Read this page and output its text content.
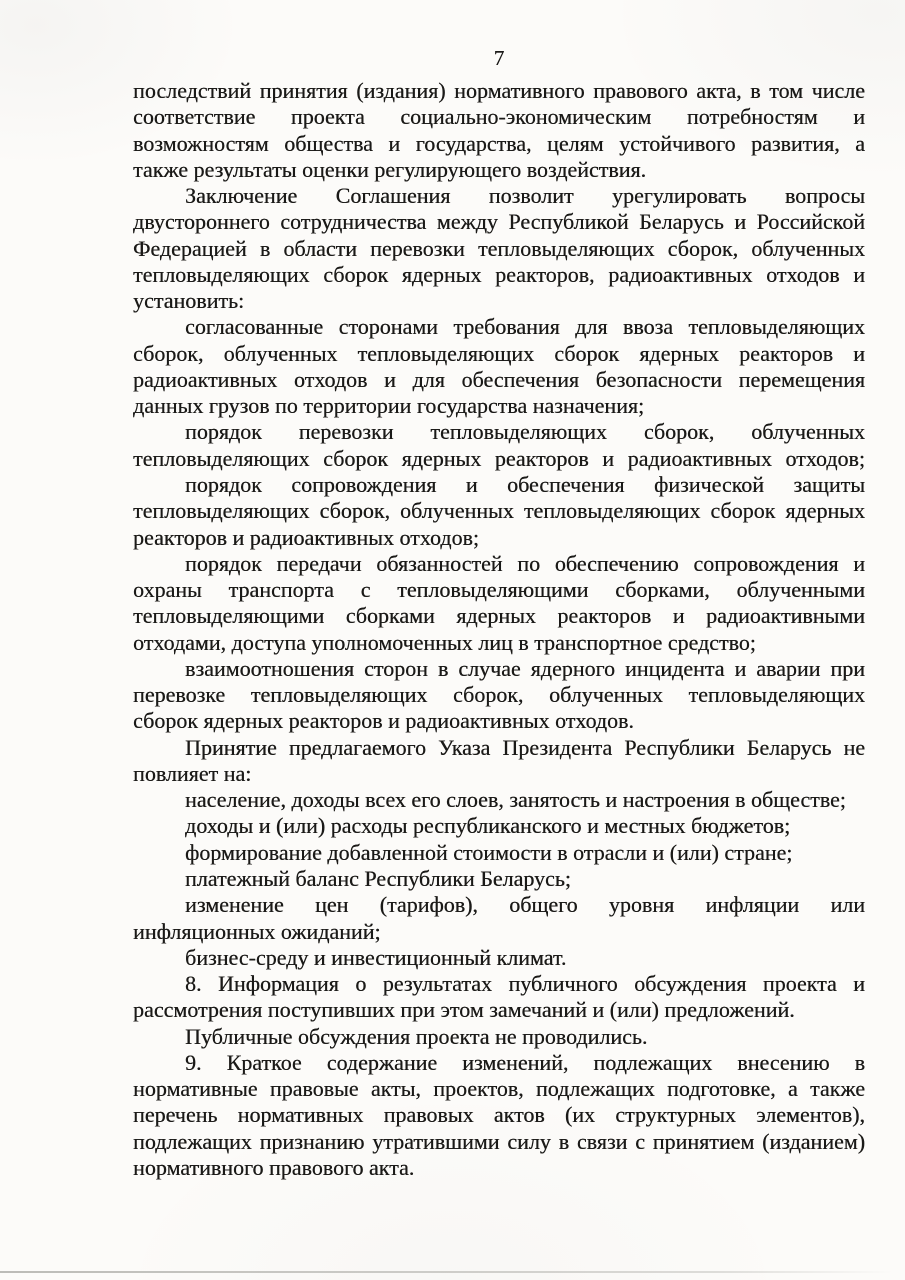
7
последствий принятия (издания) нормативного правового акта, в том числе
соответствие проекта социально-экономическим потребностям и
возможностям общества и государства, целям устойчивого развития, а
также результаты оценки регулирующего воздействия.
Заключение Соглашения позволит урегулировать вопросы
двустороннего сотрудничества между Республикой Беларусь и Российской
Федерацией в области перевозки тепловыделяющих сборок, облученных
тепловыделяющих сборок ядерных реакторов, радиоактивных отходов и
установить:
согласованные сторонами требования для ввоза тепловыделяющих
сборок, облученных тепловыделяющих сборок ядерных реакторов и
радиоактивных отходов и для обеспечения безопасности перемещения
данных грузов по территории государства назначения;
порядок перевозки тепловыделяющих сборок, облученных
тепловыделяющих сборок ядерных реакторов и радиоактивных отходов;
порядок сопровождения и обеспечения физической защиты
тепловыделяющих сборок, облученных тепловыделяющих сборок ядерных
реакторов и радиоактивных отходов;
порядок передачи обязанностей по обеспечению сопровождения и
охраны транспорта с тепловыделяющими сборками, облученными
тепловыделяющими сборками ядерных реакторов и радиоактивными
отходами, доступа уполномоченных лиц в транспортное средство;
взаимоотношения сторон в случае ядерного инцидента и аварии при
перевозке тепловыделяющих сборок, облученных тепловыделяющих
сборок ядерных реакторов и радиоактивных отходов.
Принятие предлагаемого Указа Президента Республики Беларусь не
повлияет на:
население, доходы всех его слоев, занятость и настроения в обществе;
доходы и (или) расходы республиканского и местных бюджетов;
формирование добавленной стоимости в отрасли и (или) стране;
платежный баланс Республики Беларусь;
изменение цен (тарифов), общего уровня инфляции или
инфляционных ожиданий;
бизнес-среду и инвестиционный климат.
8. Информация о результатах публичного обсуждения проекта и
рассмотрения поступивших при этом замечаний и (или) предложений.
Публичные обсуждения проекта не проводились.
9. Краткое содержание изменений, подлежащих внесению в
нормативные правовые акты, проектов, подлежащих подготовке, а также
перечень нормативных правовых актов (их структурных элементов),
подлежащих признанию утратившими силу в связи с принятием (изданием)
нормативного правового акта.
